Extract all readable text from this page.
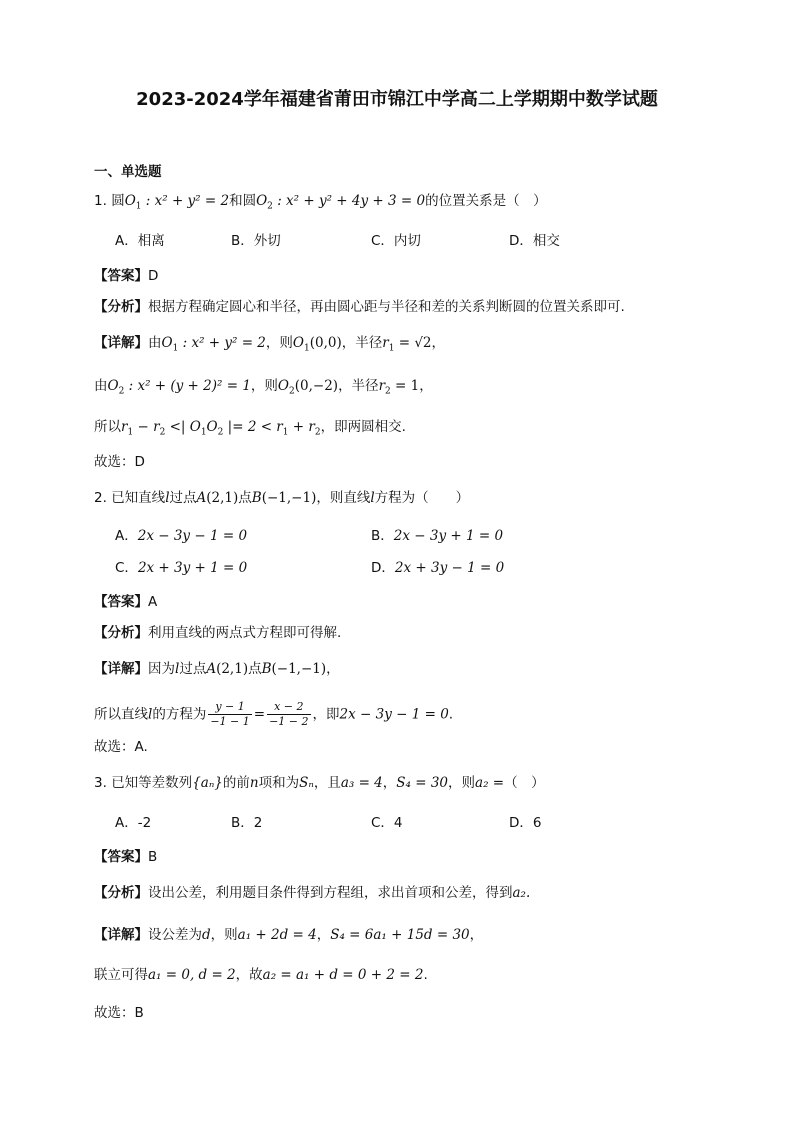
2023-2024学年福建省莆田市锦江中学高二上学期期中数学试题
一、单选题
1. 圆$O_1$ : x² + y² = 2和圆$O_2$ : x² + y² + 4y + 3 = 0的位置关系是（　）
A．相离	B．外切	C．内切	D．相交
【答案】D
【分析】根据方程确定圆心和半径，再由圆心距与半径和差的关系判断圆的位置关系即可.
【详解】由$O_1$ : x² + y² = 2，则$O_1(0,0)$，半径$r_1 = √2$，
由$O_2$ : x² + (y + 2)² = 1，则$O_2(0,-2)$，半径$r_2 = 1$，
所以$r_1 - r_2$ <| $O_1O_2$ |= $2 < r_1 + r_2$，即两圆相交.
故选：D
2. 已知直线l过点A(2,1)点B(−1,−1)，则直线l方程为（　　）
A．2x − 3y − 1 = 0	B．2x − 3y + 1 = 0
C．2x + 3y + 1 = 0	D．2x + 3y − 1 = 0
【答案】A
【分析】利用直线的两点式方程即可得解.
【详解】因为l过点A(2,1)点B(−1,−1)，
所以直线l的方程为 $\frac{y - 1}{-1 - 1} = \frac{x - 2}{-1 - 2}$ ，即2x − 3y − 1 = 0.
故选：A.
3. 已知等差数列{aₙ}的前n项和为Sₙ，且a₃ = 4，S₄ = 30，则a₂ =（　）
A．-2	B．2	C．4	D．6
【答案】B
【分析】设出公差，利用题目条件得到方程组，求出首项和公差，得到a₂.
【详解】设公差为d，则a₁ + 2d = 4，S₄ = 6a₁ + 15d = 30，
联立可得a₁ = 0, d = 2，故a₂ = a₁ + d = 0 + 2 = 2.
故选：B
